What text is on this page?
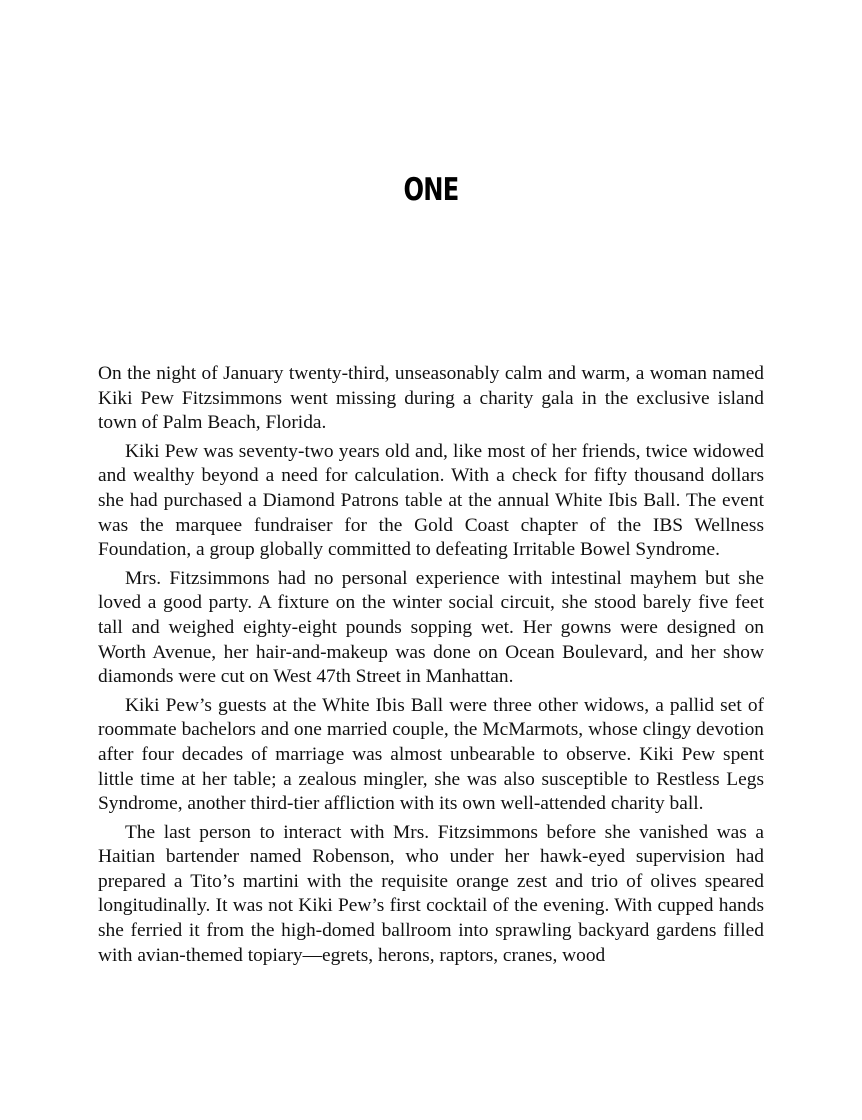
ONE

On the night of January twenty-third, unseasonably calm and warm, a woman named Kiki Pew Fitzsimmons went missing during a charity gala in the exclusive island town of Palm Beach, Florida.

Kiki Pew was seventy-two years old and, like most of her friends, twice widowed and wealthy beyond a need for calculation. With a check for fifty thousand dollars she had purchased a Diamond Patrons table at the annual White Ibis Ball. The event was the marquee fundraiser for the Gold Coast chapter of the IBS Wellness Foundation, a group globally committed to defeating Irritable Bowel Syndrome.

Mrs. Fitzsimmons had no personal experience with intestinal mayhem but she loved a good party. A fixture on the winter social circuit, she stood barely five feet tall and weighed eighty-eight pounds sopping wet. Her gowns were designed on Worth Avenue, her hair-and-makeup was done on Ocean Boulevard, and her show diamonds were cut on West 47th Street in Manhattan.

Kiki Pew’s guests at the White Ibis Ball were three other widows, a pallid set of roommate bachelors and one married couple, the McMarmots, whose clingy devotion after four decades of marriage was almost unbearable to observe. Kiki Pew spent little time at her table; a zealous mingler, she was also susceptible to Restless Legs Syndrome, another third-tier affliction with its own well-attended charity ball.

The last person to interact with Mrs. Fitzsimmons before she vanished was a Haitian bartender named Robenson, who under her hawk-eyed supervision had prepared a Tito’s martini with the requisite orange zest and trio of olives speared longitudinally. It was not Kiki Pew’s first cocktail of the evening. With cupped hands she ferried it from the high-domed ballroom into sprawling backyard gardens filled with avian-themed topiary—egrets, herons, raptors, cranes, wood
